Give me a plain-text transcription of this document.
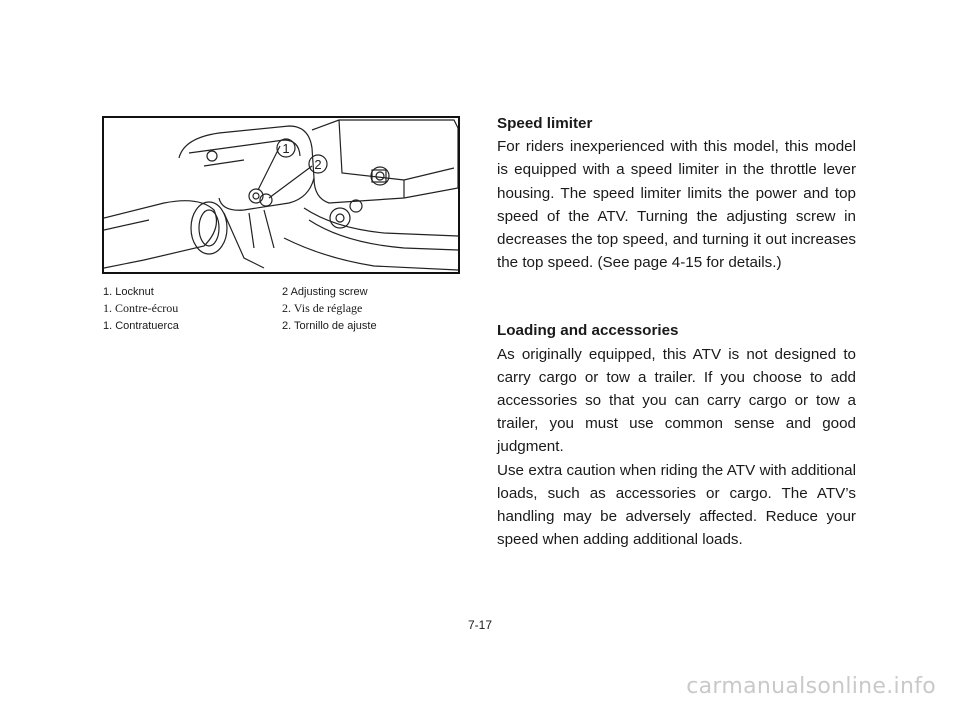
1
2
1. Locknut	2 Adjusting screw
1. Contre-écrou	2. Vis de réglage
1. Contratuerca	2. Tornillo de ajuste
Speed limiter

For riders inexperienced with this model, this model is equipped with a speed limiter in the throttle lever housing. The speed limiter limits the power and top speed of the ATV. Turning the adjusting screw in decreases the top speed, and turning it out increases the top speed. (See page 4-15 for details.)

Loading and accessories

As originally equipped, this ATV is not designed to carry cargo or tow a trailer. If you choose to add accessories so that you can carry cargo or tow a trailer, you must use common sense and good judgment.

Use extra caution when riding the ATV with additional loads, such as accessories or cargo. The ATV’s handling may be adversely affected. Reduce your speed when adding additional loads.

7-17
carmanualsonline.info
